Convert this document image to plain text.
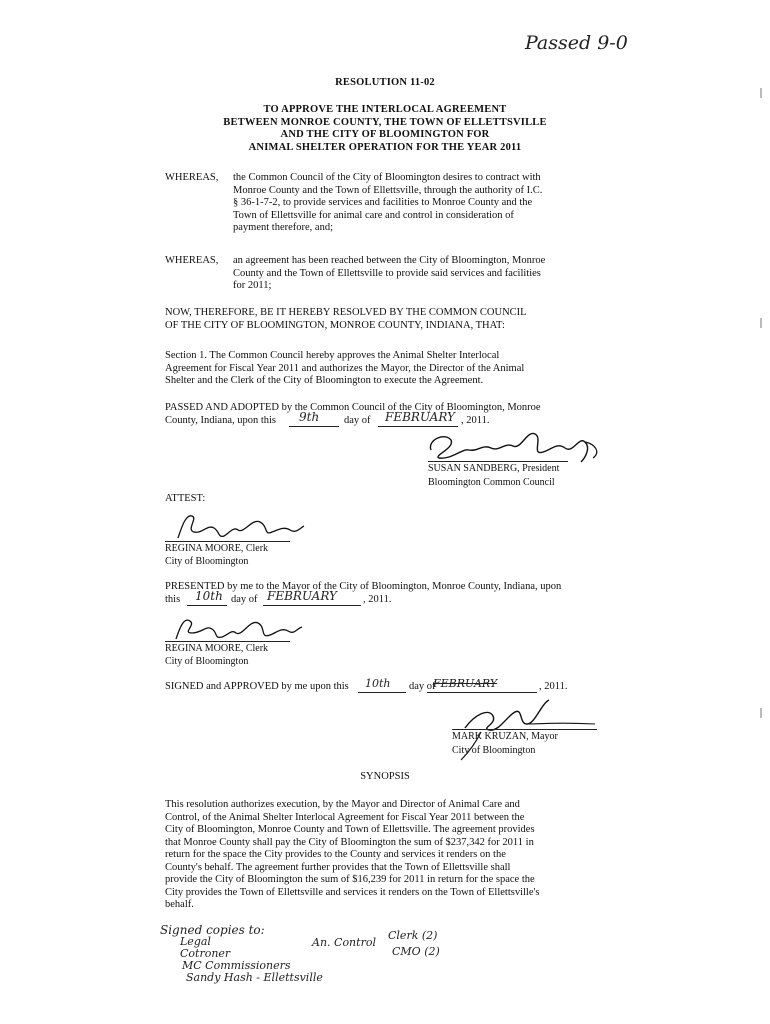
Passed 9-0
RESOLUTION 11-02
TO APPROVE THE INTERLOCAL AGREEMENT
BETWEEN MONROE COUNTY, THE TOWN OF ELLETTSVILLE
AND THE CITY OF BLOOMINGTON FOR
ANIMAL SHELTER OPERATION FOR THE YEAR 2011
WHEREAS, the Common Council of the City of Bloomington desires to contract with
Monroe County and the Town of Ellettsville, through the authority of I.C.
§ 36-1-7-2, to provide services and facilities to Monroe County and the
Town of Ellettsville for animal care and control in consideration of
payment therefore, and;
WHEREAS, an agreement has been reached between the City of Bloomington, Monroe
County and the Town of Ellettsville to provide said services and facilities
for 2011;
NOW, THEREFORE, BE IT HEREBY RESOLVED BY THE COMMON COUNCIL
OF THE CITY OF BLOOMINGTON, MONROE COUNTY, INDIANA, THAT:
Section 1. The Common Council hereby approves the Animal Shelter Interlocal
Agreement for Fiscal Year 2011 and authorizes the Mayor, the Director of the Animal
Shelter and the Clerk of the City of Bloomington to execute the Agreement.
PASSED AND ADOPTED by the Common Council of the City of Bloomington, Monroe
County, Indiana, upon this 9th day of FEBRUARY , 2011.
SUSAN SANDBERG, President
Bloomington Common Council
ATTEST:
REGINA MOORE, Clerk
City of Bloomington
PRESENTED by me to the Mayor of the City of Bloomington, Monroe County, Indiana, upon
this 10th day of FEBRUARY , 2011.
REGINA MOORE, Clerk
City of Bloomington
SIGNED and APPROVED by me upon this 10th day of
FEBRUARY	, 2011.
MARK KRUZAN, Mayor
City of Bloomington
SYNOPSIS
This resolution authorizes execution, by the Mayor and Director of Animal Care and
Control, of the Animal Shelter Interlocal Agreement for Fiscal Year 2011 between the
City of Bloomington, Monroe County and Town of Ellettsville. The agreement provides
that Monroe County shall pay the City of Bloomington the sum of $237,342 for 2011 in
return for the space the City provides to the County and services it renders on the
County's behalf. The agreement further provides that the Town of Ellettsville shall
provide the City of Bloomington the sum of $16,239 for 2011 in return for the space the
City provides the Town of Ellettsville and services it renders on the Town of Ellettsville's
behalf.
Signed copies to:
Legal
Cotroner
MC Commissioners
Sandy Hash - Ellettsville
An. Control
Clerk (2)
CMO (2)
